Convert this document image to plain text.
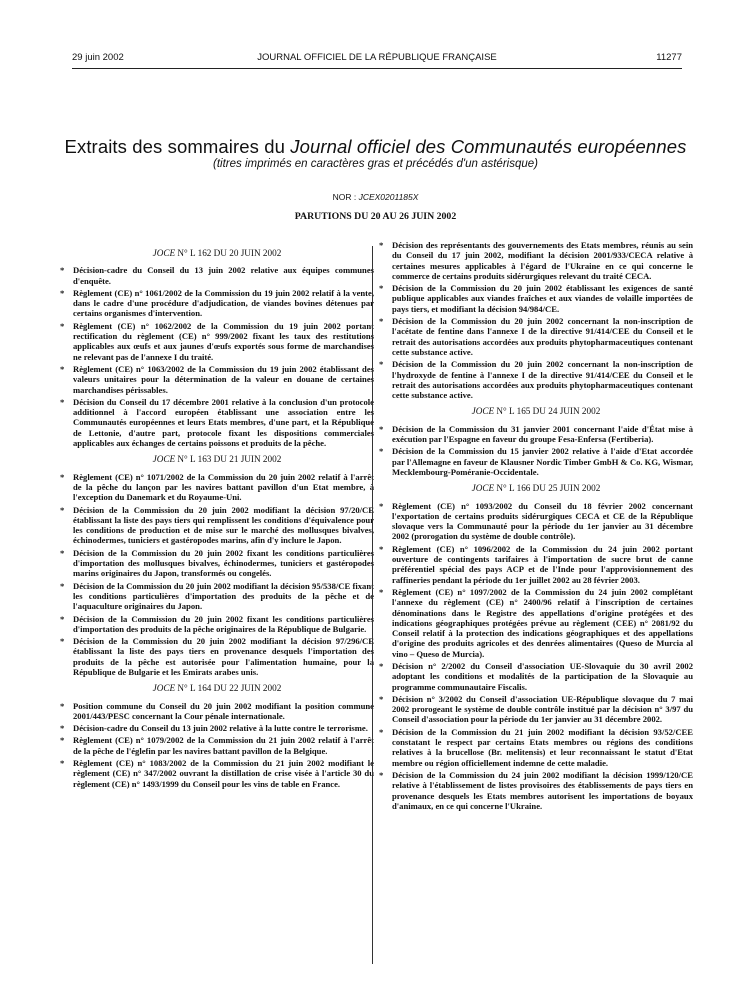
29 juin 2002	JOURNAL OFFICIEL DE LA RÉPUBLIQUE FRANÇAISE	11277
Extraits des sommaires du Journal officiel des Communautés européennes
(titres imprimés en caractères gras et précédés d'un astérisque)
NOR : JCEX0201185X
PARUTIONS DU 20 AU 26 JUIN 2002
JOCE N° L 162 DU 20 JUIN 2002
* Décision-cadre du Conseil du 13 juin 2002 relative aux équipes communes d'enquête.
* Règlement (CE) n° 1061/2002 de la Commission du 19 juin 2002 relatif à la vente, dans le cadre d'une procédure d'adjudication, de viandes bovines détenues par certains organismes d'intervention.
* Règlement (CE) n° 1062/2002 de la Commission du 19 juin 2002 portant rectification du règlement (CE) n° 999/2002 fixant les taux des restitutions applicables aux œufs et aux jaunes d'œufs exportés sous forme de marchandises ne relevant pas de l'annexe I du traité.
* Règlement (CE) n° 1063/2002 de la Commission du 19 juin 2002 établissant des valeurs unitaires pour la détermination de la valeur en douane de certaines marchandises périssables.
* Décision du Conseil du 17 décembre 2001 relative à la conclusion d'un protocole additionnel à l'accord européen établissant une association entre les Communautés européennes et leurs Etats membres, d'une part, et la République de Lettonie, d'autre part, protocole fixant les dispositions commerciales applicables aux échanges de certains poissons et produits de la pêche.
JOCE N° L 163 DU 21 JUIN 2002
* Règlement (CE) n° 1071/2002 de la Commission du 20 juin 2002 relatif à l'arrêt de la pêche du lançon par les navires battant pavillon d'un Etat membre, à l'exception du Danemark et du Royaume-Uni.
* Décision de la Commission du 20 juin 2002 modifiant la décision 97/20/CE établissant la liste des pays tiers qui remplissent les conditions d'équivalence pour les conditions de production et de mise sur le marché des mollusques bivalves, échinodermes, tuniciers et gastéropodes marins, afin d'y inclure le Japon.
* Décision de la Commission du 20 juin 2002 fixant les conditions particulières d'importation des mollusques bivalves, échinodermes, tuniciers et gastéropodes marins originaires du Japon, transformés ou congelés.
* Décision de la Commission du 20 juin 2002 modifiant la décision 95/538/CE fixant les conditions particulières d'importation des produits de la pêche et de l'aquaculture originaires du Japon.
* Décision de la Commission du 20 juin 2002 fixant les conditions particulières d'importation des produits de la pêche originaires de la République de Bulgarie.
* Décision de la Commission du 20 juin 2002 modifiant la décision 97/296/CE établissant la liste des pays tiers en provenance desquels l'importation des produits de la pêche est autorisée pour l'alimentation humaine, pour la République de Bulgarie et les Emirats arabes unis.
JOCE N° L 164 DU 22 JUIN 2002
* Position commune du Conseil du 20 juin 2002 modifiant la position commune 2001/443/PESC concernant la Cour pénale internationale.
* Décision-cadre du Conseil du 13 juin 2002 relative à la lutte contre le terrorisme.
* Règlement (CE) n° 1079/2002 de la Commission du 21 juin 2002 relatif à l'arrêt de la pêche de l'églefin par les navires battant pavillon de la Belgique.
* Règlement (CE) n° 1083/2002 de la Commission du 21 juin 2002 modifiant le règlement (CE) n° 347/2002 ouvrant la distillation de crise visée à l'article 30 du règlement (CE) n° 1493/1999 du Conseil pour les vins de table en France.
* Décision des représentants des gouvernements des Etats membres, réunis au sein du Conseil du 17 juin 2002, modifiant la décision 2001/933/CECA relative à certaines mesures applicables à l'égard de l'Ukraine en ce qui concerne le commerce de certains produits sidérurgiques relevant du traité CECA.
* Décision de la Commission du 20 juin 2002 établissant les exigences de santé publique applicables aux viandes fraîches et aux viandes de volaille importées de pays tiers, et modifiant la décision 94/984/CE.
* Décision de la Commission du 20 juin 2002 concernant la non-inscription de l'acétate de fentine dans l'annexe I de la directive 91/414/CEE du Conseil et le retrait des autorisations accordées aux produits phytopharmaceutiques contenant cette substance active.
* Décision de la Commission du 20 juin 2002 concernant la non-inscription de l'hydroxyde de fentine à l'annexe I de la directive 91/414/CEE du Conseil et le retrait des autorisations accordées aux produits phytopharmaceutiques contenant cette substance active.
JOCE N° L 165 DU 24 JUIN 2002
* Décision de la Commission du 31 janvier 2001 concernant l'aide d'État mise à exécution par l'Espagne en faveur du groupe Fesa-Enfersa (Fertiberia).
* Décision de la Commission du 15 janvier 2002 relative à l'aide d'Etat accordée par l'Allemagne en faveur de Klausner Nordic Timber GmbH & Co. KG, Wismar, Mecklembourg-Poméranie-Occidentale.
JOCE N° L 166 DU 25 JUIN 2002
* Règlement (CE) n° 1093/2002 du Conseil du 18 février 2002 concernant l'exportation de certains produits sidérurgiques CECA et CE de la République slovaque vers la Communauté pour la période du 1er janvier au 31 décembre 2002 (prorogation du système de double contrôle).
* Règlement (CE) n° 1096/2002 de la Commission du 24 juin 2002 portant ouverture de contingents tarifaires à l'importation de sucre brut de canne préférentiel spécial des pays ACP et de l'Inde pour l'approvisionnement des raffineries pendant la période du 1er juillet 2002 au 28 février 2003.
* Règlement (CE) n° 1097/2002 de la Commission du 24 juin 2002 complétant l'annexe du règlement (CE) n° 2400/96 relatif à l'inscription de certaines dénominations dans le Registre des appellations d'origine protégées et des indications géographiques protégées prévue au règlement (CEE) n° 2081/92 du Conseil relatif à la protection des indications géographiques et des appellations d'origine des produits agricoles et des denrées alimentaires (Queso de Murcia al vino – Queso de Murcia).
* Décision n° 2/2002 du Conseil d'association UE-Slovaquie du 30 avril 2002 adoptant les conditions et modalités de la participation de la Slovaquie au programme communautaire Fiscalis.
* Décision n° 3/2002 du Conseil d'association UE-République slovaque du 7 mai 2002 prorogeant le système de double contrôle institué par la décision n° 3/97 du Conseil d'association pour la période du 1er janvier au 31 décembre 2002.
* Décision de la Commission du 21 juin 2002 modifiant la décision 93/52/CEE constatant le respect par certains Etats membres ou régions des conditions relatives à la brucellose (Br. melitensis) et leur reconnaissant le statut d'Etat membre ou région officiellement indemne de cette maladie.
* Décision de la Commission du 24 juin 2002 modifiant la décision 1999/120/CE relative à l'établissement de listes provisoires des établissements de pays tiers en provenance desquels les Etats membres autorisent les importations de boyaux d'animaux, en ce qui concerne l'Ukraine.
